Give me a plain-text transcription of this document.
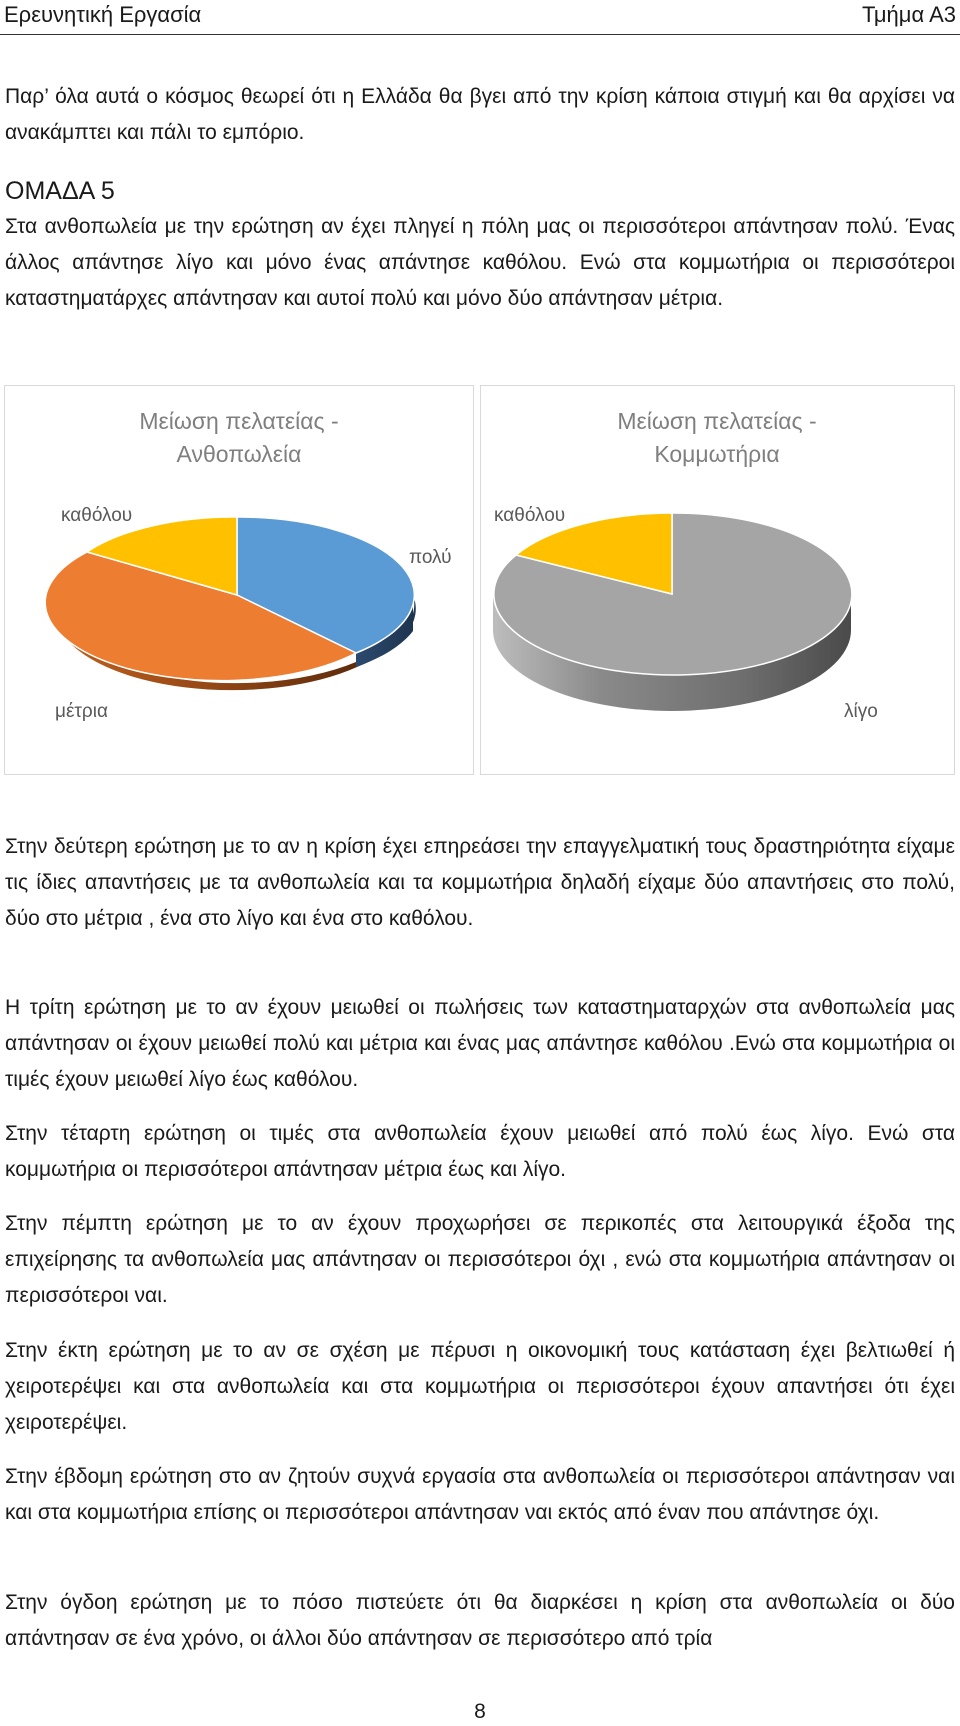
Ερευνητική Εργασία	Τμήμα Α3

Παρ’ όλα αυτά ο κόσμος θεωρεί ότι η Ελλάδα θα βγει από την κρίση κάποια στιγμή και θα αρχίσει να ανακάμπτει και πάλι το εμπόριο.

ΟΜΑΔΑ 5

Στα ανθοπωλεία με την ερώτηση αν έχει πληγεί η πόλη μας οι περισσότεροι απάντησαν πολύ. Ένας άλλος απάντησε λίγο και μόνο ένας απάντησε καθόλου. Ενώ στα κομμωτήρια οι περισσότεροι καταστηματάρχες απάντησαν και αυτοί πολύ και μόνο δύο απάντησαν μέτρια.

Μείωση πελατείας -
Ανθοπωλεία
καθόλου
πολύ
μέτρια
Μείωση πελατείας -
Κομμωτήρια
καθόλου
λίγο

Στην δεύτερη ερώτηση με το αν η κρίση έχει επηρεάσει την επαγγελματική τους δραστηριότητα είχαμε τις ίδιες απαντήσεις με τα ανθοπωλεία και τα κομμωτήρια δηλαδή είχαμε δύο απαντήσεις στο πολύ, δύο στο μέτρια , ένα στο λίγο και ένα στο καθόλου.

Η τρίτη ερώτηση με το αν έχουν μειωθεί οι πωλήσεις των καταστηματαρχών στα ανθοπωλεία μας απάντησαν οι έχουν μειωθεί πολύ και μέτρια και ένας μας απάντησε καθόλου .Ενώ στα κομμωτήρια οι τιμές έχουν μειωθεί λίγο έως καθόλου.

Στην τέταρτη ερώτηση οι τιμές στα ανθοπωλεία έχουν μειωθεί από πολύ έως λίγο. Ενώ στα κομμωτήρια οι περισσότεροι απάντησαν μέτρια έως και λίγο.

Στην πέμπτη ερώτηση με το αν έχουν προχωρήσει σε περικοπές στα λειτουργικά έξοδα της επιχείρησης τα ανθοπωλεία μας απάντησαν οι περισσότεροι όχι , ενώ στα κομμωτήρια απάντησαν οι περισσότεροι ναι.

Στην έκτη ερώτηση με το αν σε σχέση με πέρυσι η οικονομική τους κατάσταση έχει βελτιωθεί ή χειροτερέψει και στα ανθοπωλεία και στα κομμωτήρια οι περισσότεροι έχουν απαντήσει ότι έχει χειροτερέψει.

Στην έβδομη ερώτηση στο αν ζητούν συχνά εργασία στα ανθοπωλεία οι περισσότεροι απάντησαν ναι και στα κομμωτήρια επίσης οι περισσότεροι απάντησαν ναι εκτός από έναν που απάντησε όχι.

Στην όγδοη ερώτηση με το πόσο πιστεύετε ότι θα διαρκέσει η κρίση στα ανθοπωλεία οι δύο απάντησαν σε ένα χρόνο, οι άλλοι δύο απάντησαν σε περισσότερο από τρία

8
